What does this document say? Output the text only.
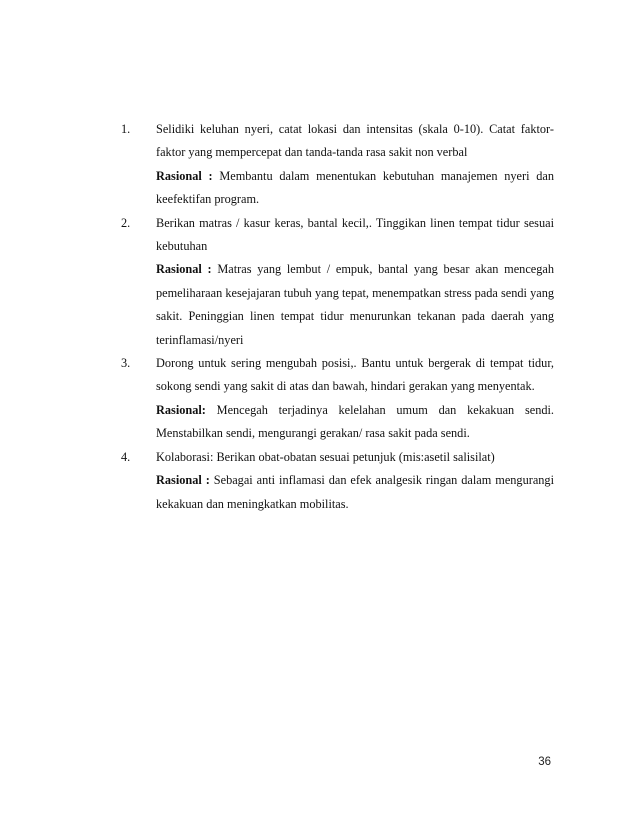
1. Selidiki keluhan nyeri, catat lokasi dan intensitas (skala 0-10). Catat faktor-faktor yang mempercepat dan tanda-tanda rasa sakit non verbal

Rasional : Membantu dalam menentukan kebutuhan manajemen nyeri dan keefektifan program.

2. Berikan matras / kasur keras, bantal kecil,. Tinggikan linen tempat tidur sesuai kebutuhan

Rasional : Matras yang lembut / empuk, bantal yang besar akan mencegah pemeliharaan kesejajaran tubuh yang tepat, menempatkan stress pada sendi yang sakit. Peninggian linen tempat tidur menurunkan tekanan pada daerah yang terinflamasi/nyeri

3. Dorong untuk sering mengubah posisi,. Bantu untuk bergerak di tempat tidur, sokong sendi yang sakit di atas dan bawah, hindari gerakan yang menyentak.

Rasional: Mencegah terjadinya kelelahan umum dan kekakuan sendi. Menstabilkan sendi, mengurangi gerakan/ rasa sakit pada sendi.

4. Kolaborasi: Berikan obat-obatan sesuai petunjuk (mis:asetil salisilat)

Rasional : Sebagai anti inflamasi dan efek analgesik ringan dalam mengurangi kekakuan dan meningkatkan mobilitas.

36
